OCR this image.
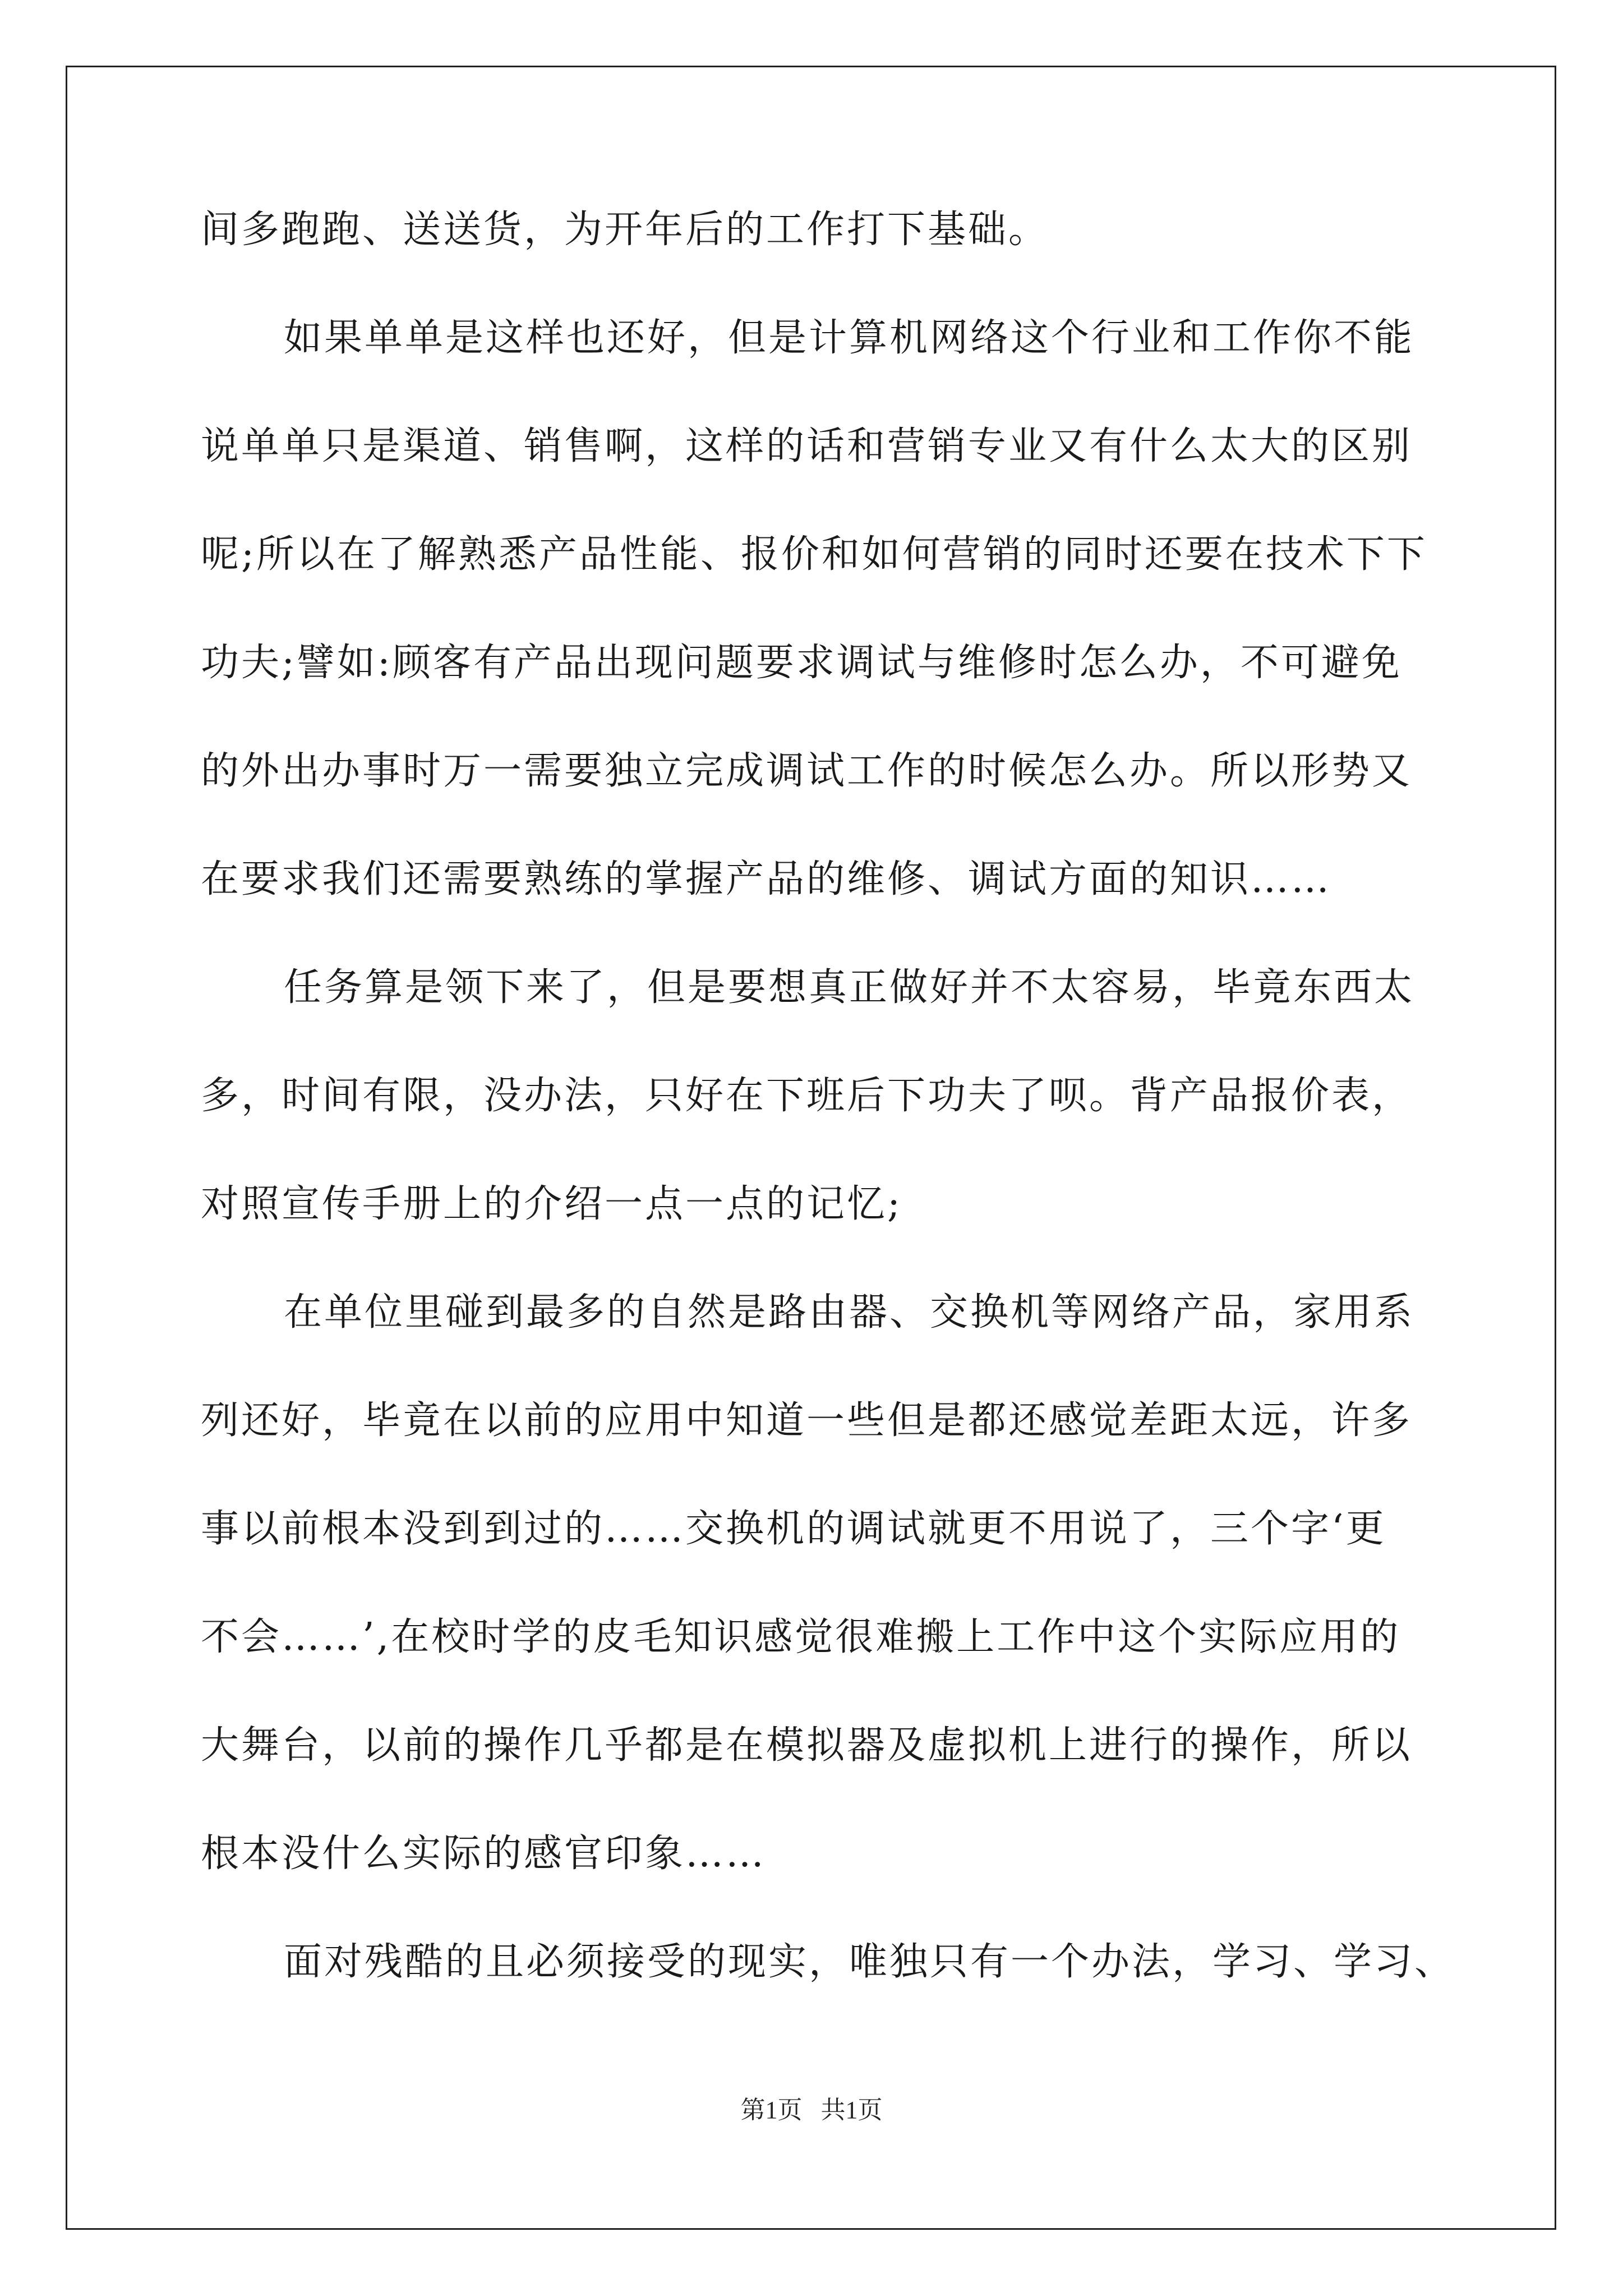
间多跑跑、送送货，为开年后的工作打下基础。
如果单单是这样也还好，但是计算机网络这个行业和工作你不能
说单单只是渠道、销售啊，这样的话和营销专业又有什么太大的区别
呢;所以在了解熟悉产品性能、报价和如何营销的同时还要在技术下下
功夫;譬如:顾客有产品出现问题要求调试与维修时怎么办，不可避免
的外出办事时万一需要独立完成调试工作的时候怎么办。所以形势又
在要求我们还需要熟练的掌握产品的维修、调试方面的知识……
任务算是领下来了，但是要想真正做好并不太容易，毕竟东西太
多，时间有限，没办法，只好在下班后下功夫了呗。背产品报价表，
对照宣传手册上的介绍一点一点的记忆;
在单位里碰到最多的自然是路由器、交换机等网络产品，家用系
列还好，毕竟在以前的应用中知道一些但是都还感觉差距太远，许多
事以前根本没到到过的……交换机的调试就更不用说了，三个字‘更
不会……’,在校时学的皮毛知识感觉很难搬上工作中这个实际应用的
大舞台，以前的操作几乎都是在模拟器及虚拟机上进行的操作，所以
根本没什么实际的感官印象……
面对残酷的且必须接受的现实，唯独只有一个办法，学习、学习、
第1页   共1页
